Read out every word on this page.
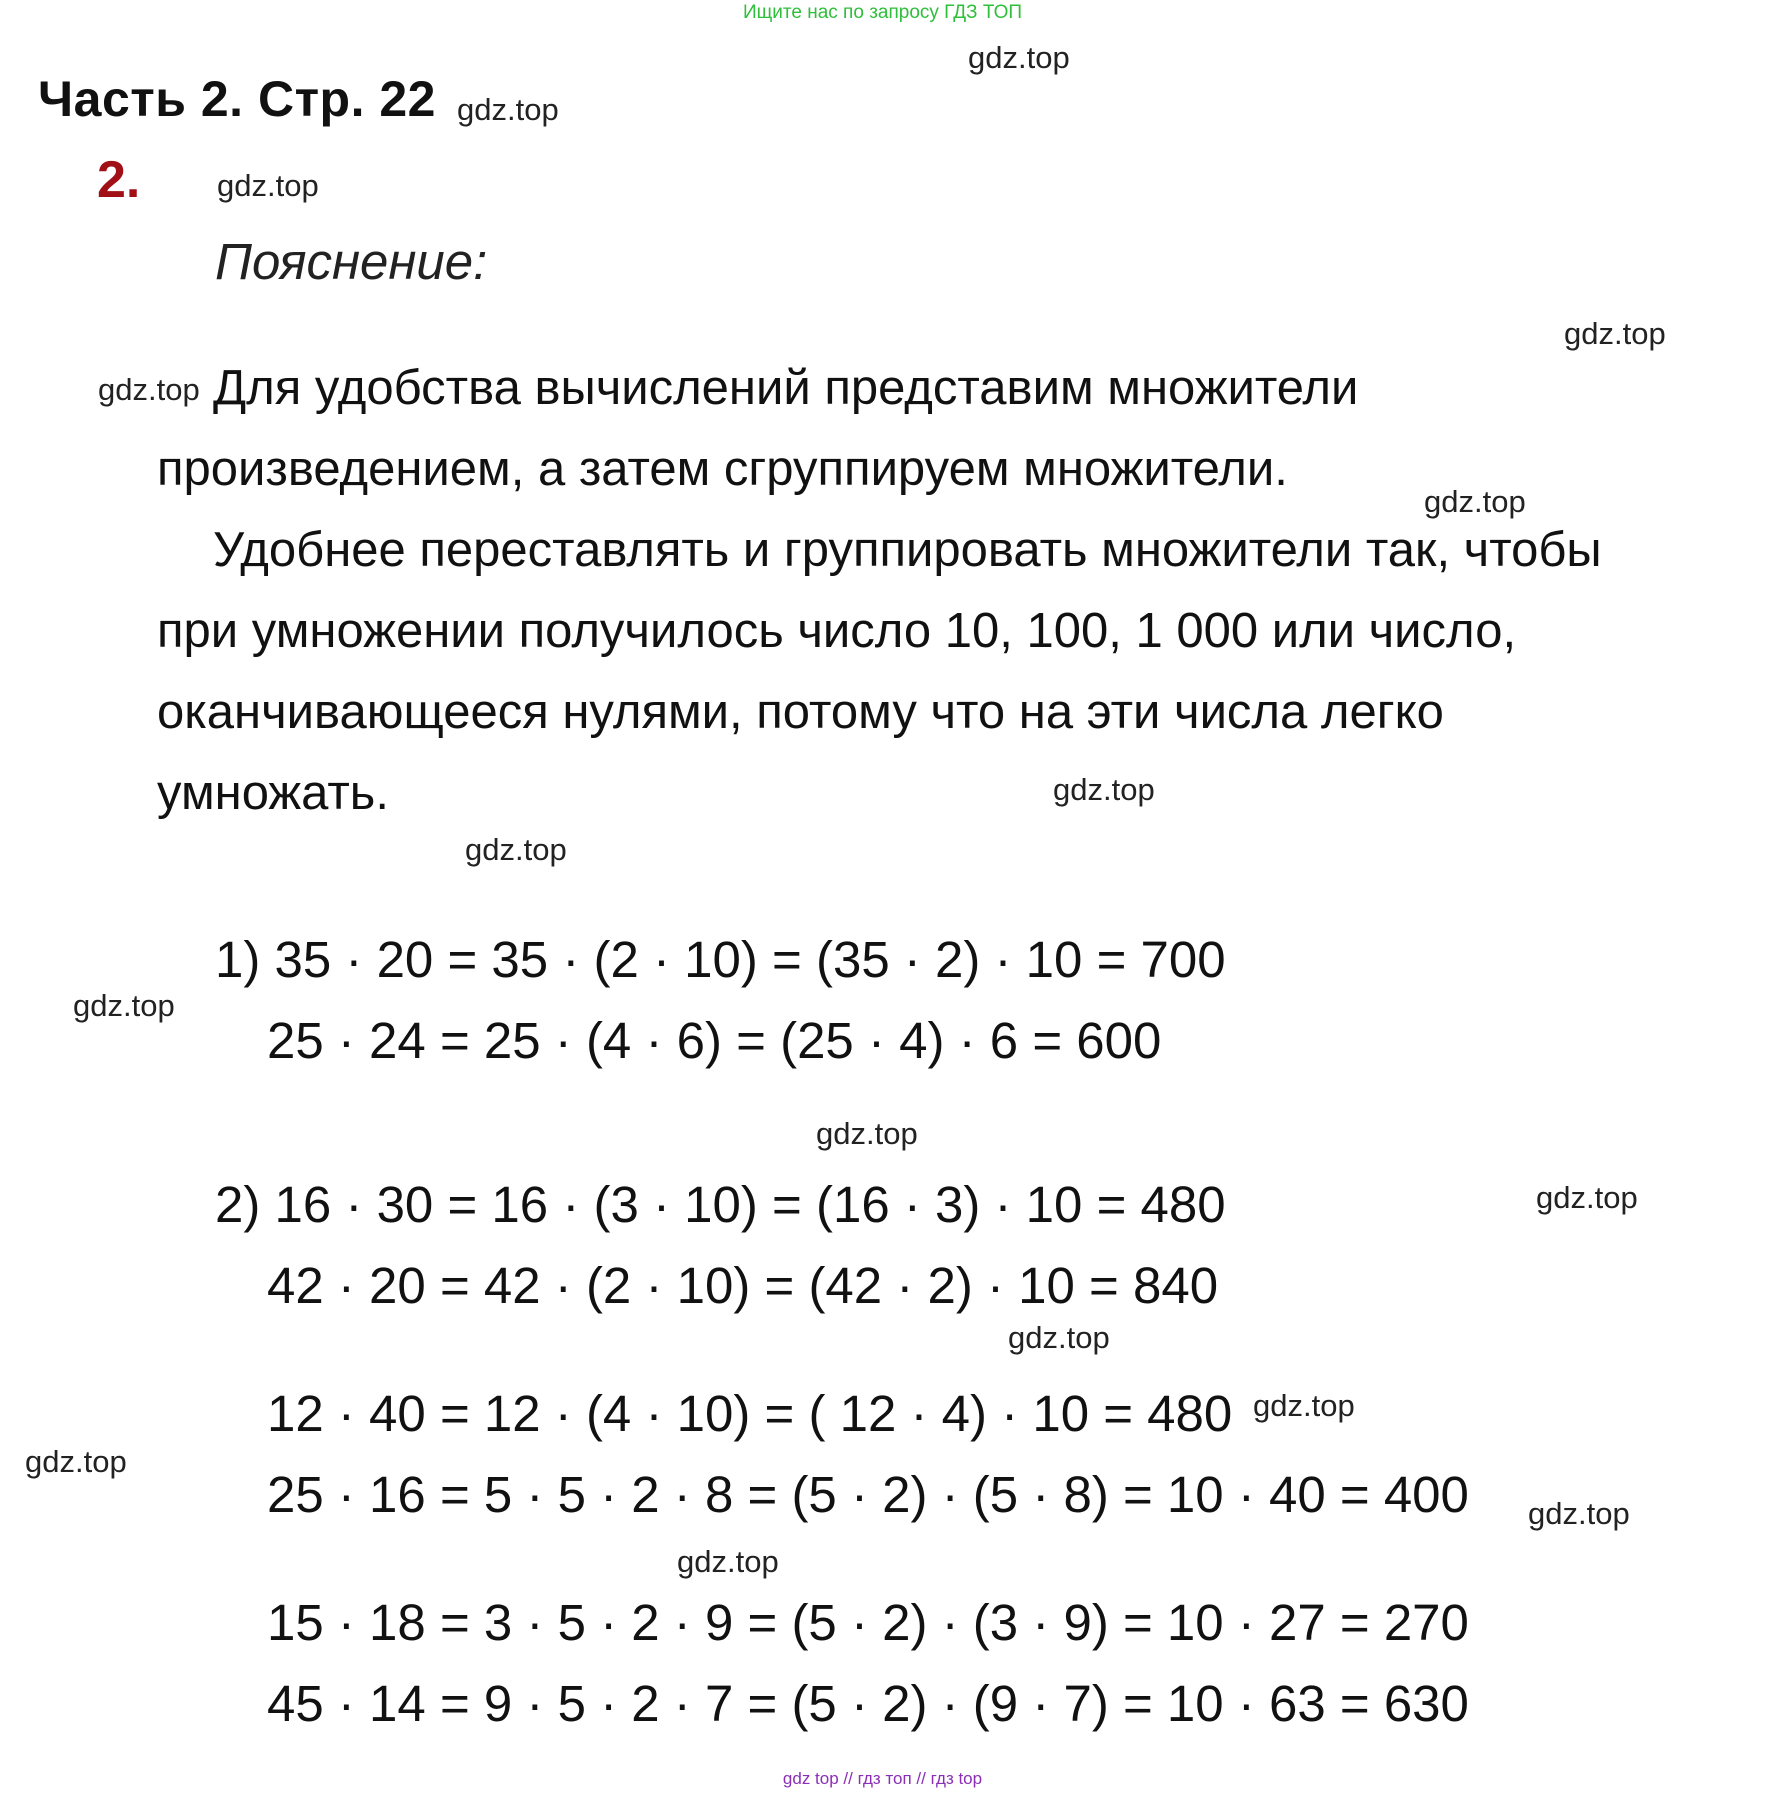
Ищите нас по запросу ГДЗ ТОП
Часть 2. Стр. 22
2.
Пояснение:
Для удобства вычислений представим множители
произведением, а затем сгруппируем множители.
Удобнее переставлять и группировать множители так, чтобы
при умножении получилось число 10, 100, 1 000 или число,
оканчивающееся нулями, потому что на эти числа легко
умножать.
1) 35 · 20 = 35 · (2 · 10) = (35 · 2) · 10 = 700
25 · 24 = 25 · (4 · 6) = (25 · 4) · 6 = 600
2) 16 · 30 = 16 · (3 · 10) = (16 · 3) · 10 = 480
42 · 20 = 42 · (2 · 10) = (42 · 2) · 10 = 840
12 · 40 = 12 · (4 · 10) = ( 12 · 4) · 10 = 480
25 · 16 = 5 · 5 · 2 · 8 = (5 · 2) · (5 · 8) = 10 · 40 = 400
15 · 18 = 3 · 5 · 2 · 9 = (5 · 2) · (3 · 9) = 10 · 27 = 270
45 · 14 = 9 · 5 · 2 · 7 = (5 · 2) · (9 · 7) = 10 · 63 = 630
gdz.top
gdz.top
gdz.top
gdz.top
gdz.top
gdz.top
gdz.top
gdz.top
gdz.top
gdz.top
gdz.top
gdz.top
gdz.top
gdz.top
gdz.top
gdz.top
gdz top // гдз топ // гдз top
